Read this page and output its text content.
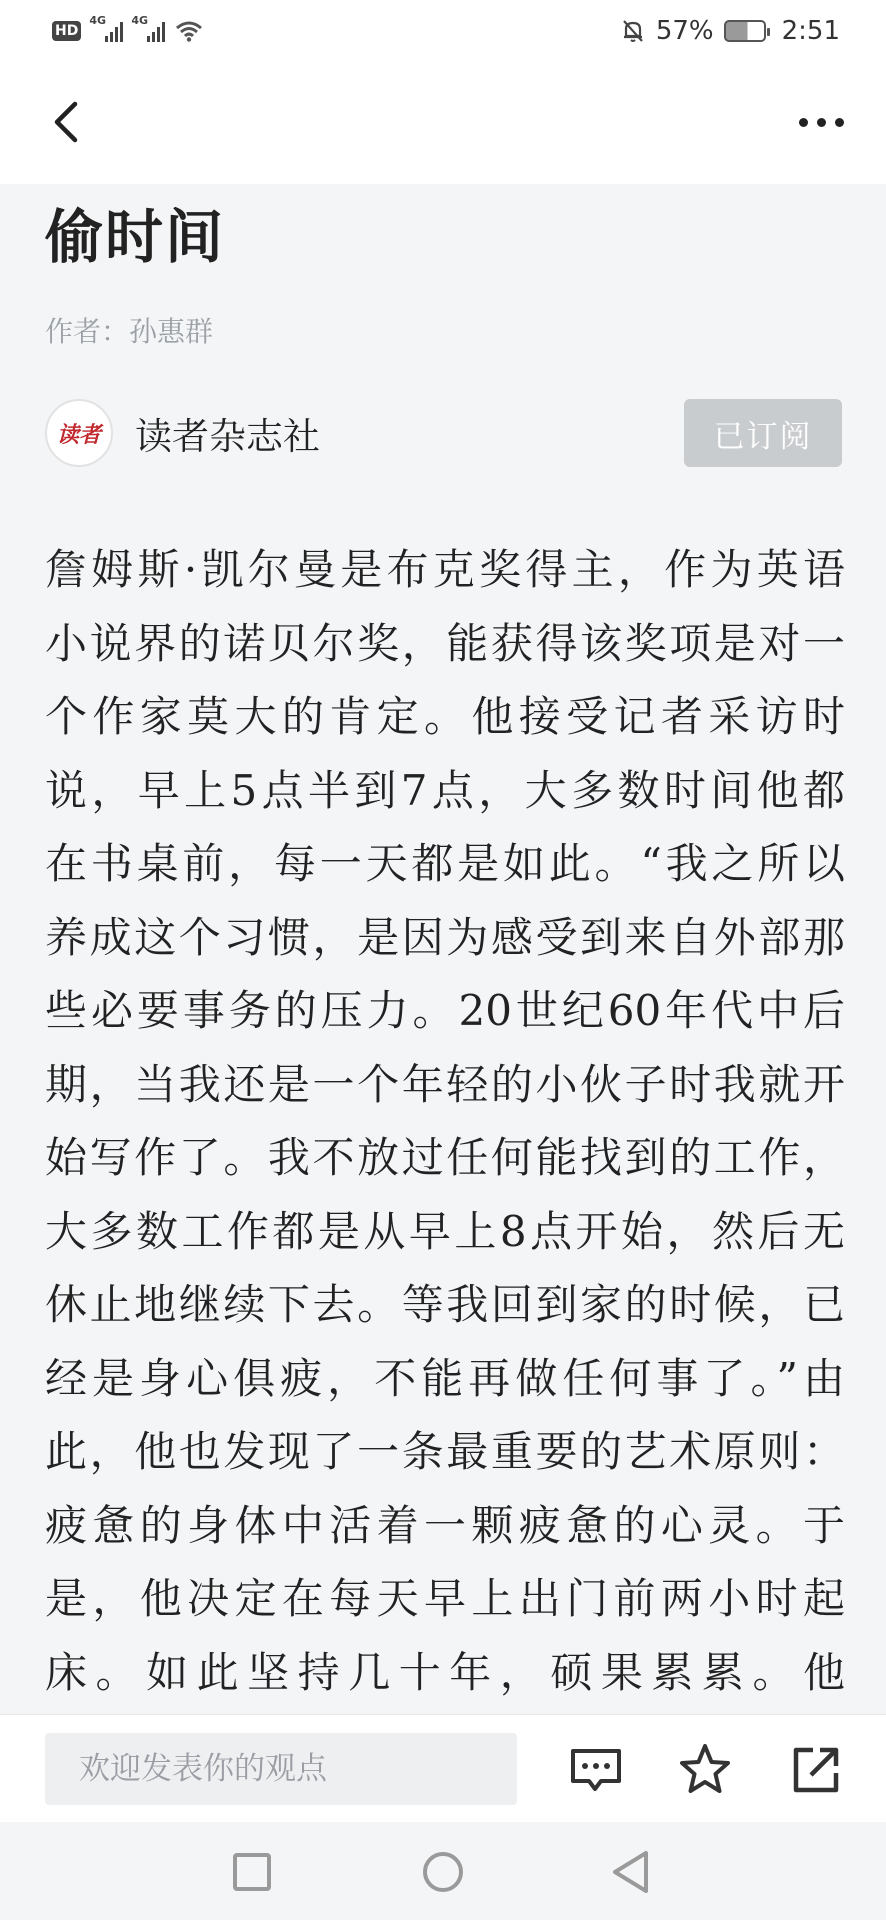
HD
4G 4G	57%	2:51
偷时间
作者：孙惠群
读者 读者杂志社	已订阅
詹姆斯·凯尔曼是布克奖得主，作为英语
小说界的诺贝尔奖，能获得该奖项是对一
个作家莫大的肯定。他接受记者采访时
说，早上5点半到7点，大多数时间他都
在书桌前，每一天都是如此。“我之所以
养成这个习惯，是因为感受到来自外部那
些必要事务的压力。20世纪60年代中后
期，当我还是一个年轻的小伙子时我就开
始写作了。我不放过任何能找到的工作，
大多数工作都是从早上8点开始，然后无
休止地继续下去。等我回到家的时候，已
经是身心俱疲，不能再做任何事了。”由
此，他也发现了一条最重要的艺术原则：
疲惫的身体中活着一颗疲惫的心灵。于
是，他决定在每天早上出门前两小时起
床。如此坚持几十年，硕果累累。他
欢迎发表你的观点
